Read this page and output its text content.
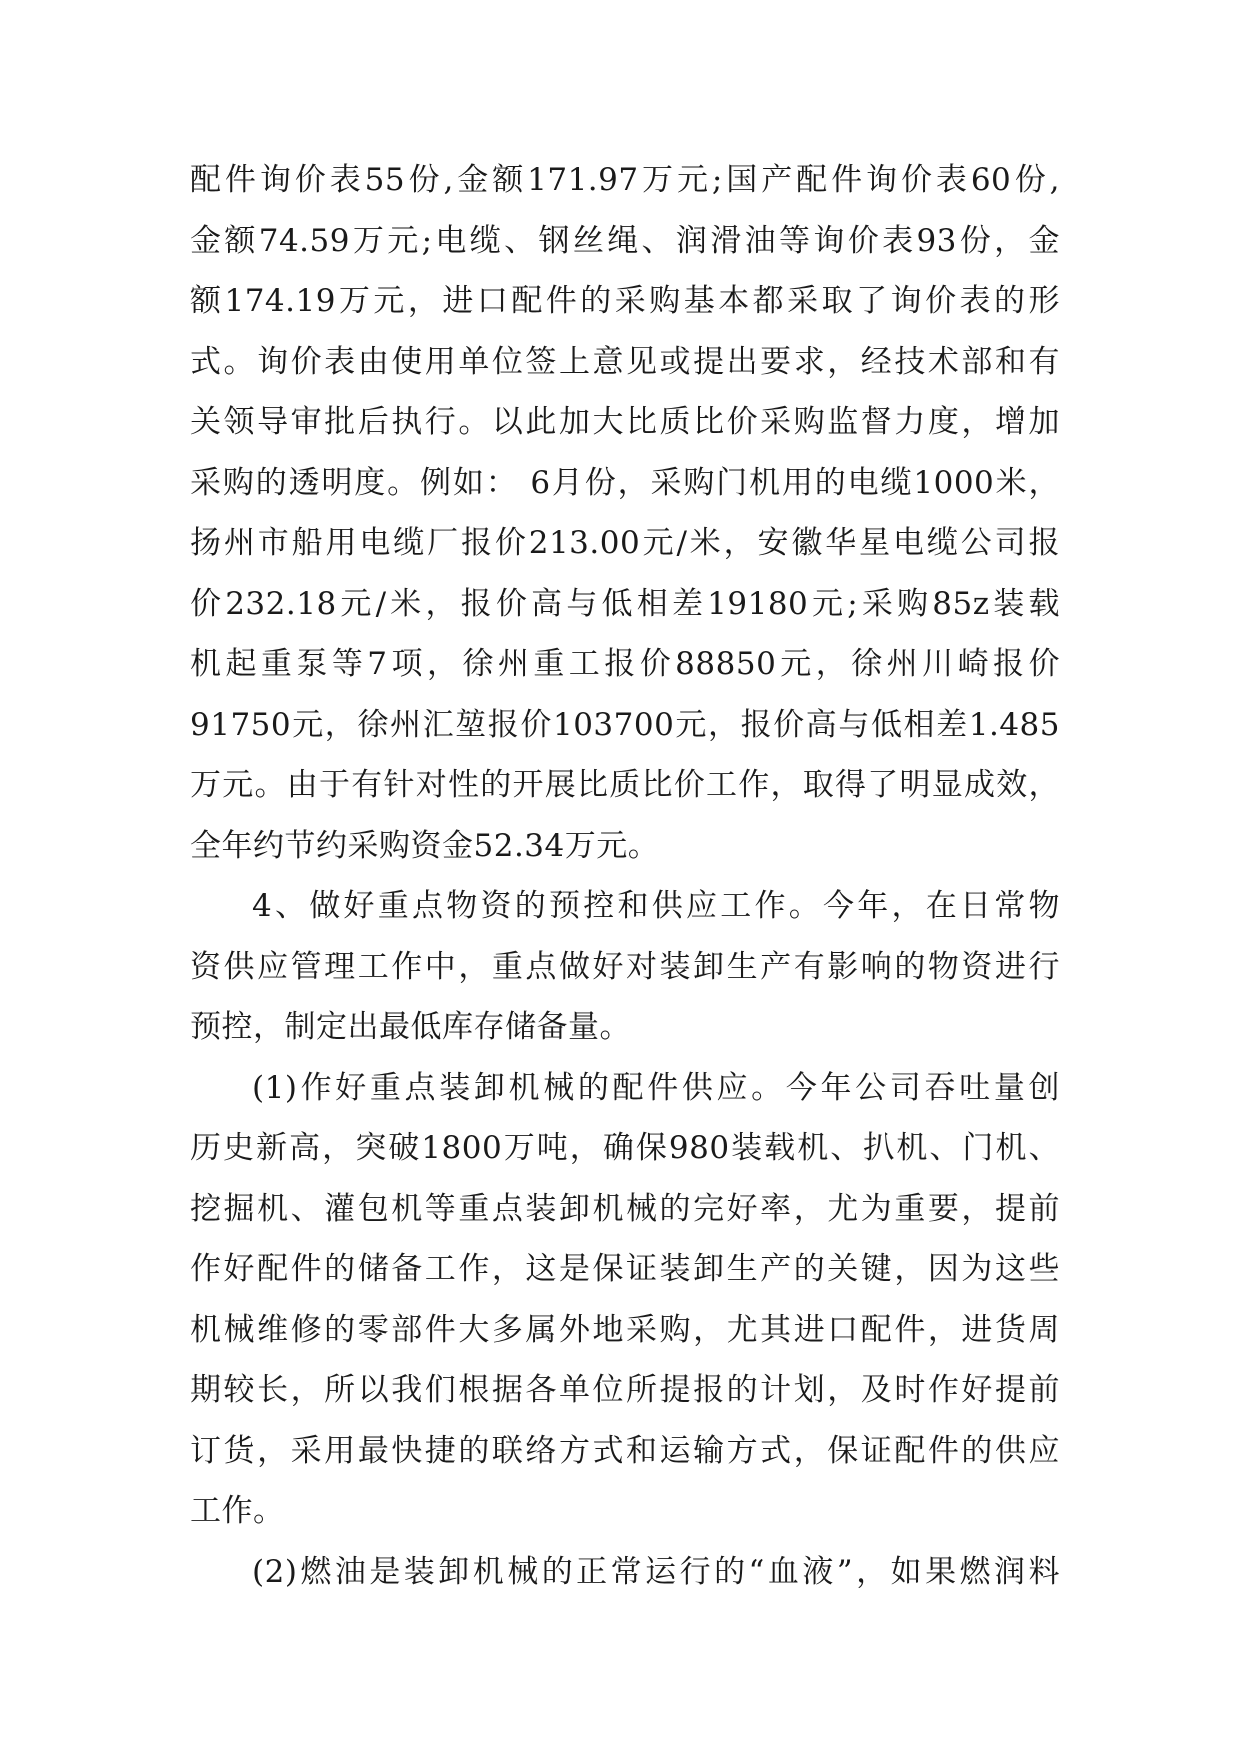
配件询价表55份,金额171.97万元;国产配件询价表60份,
金额74.59万元;电缆、钢丝绳、润滑油等询价表93份，金
额174.19万元，进口配件的采购基本都采取了询价表的形
式。询价表由使用单位签上意见或提出要求，经技术部和有
关领导审批后执行。以此加大比质比价采购监督力度，增加
采购的透明度。例如： 6月份，采购门机用的电缆1000米，
扬州市船用电缆厂报价213.00元/米，安徽华星电缆公司报
价232.18元/米，报价高与低相差19180元;采购85z装载
机起重泵等7项，徐州重工报价88850元，徐州川崎报价
91750元，徐州汇堃报价103700元，报价高与低相差1.485
万元。由于有针对性的开展比质比价工作，取得了明显成效，
全年约节约采购资金52.34万元。
4、做好重点物资的预控和供应工作。今年，在日常物
资供应管理工作中，重点做好对装卸生产有影响的物资进行
预控，制定出最低库存储备量。
(1)作好重点装卸机械的配件供应。今年公司吞吐量创
历史新高，突破1800万吨，确保980装载机、扒机、门机、
挖掘机、灌包机等重点装卸机械的完好率，尤为重要，提前
作好配件的储备工作，这是保证装卸生产的关键，因为这些
机械维修的零部件大多属外地采购，尤其进口配件，进货周
期较长，所以我们根据各单位所提报的计划，及时作好提前
订货，采用最快捷的联络方式和运输方式，保证配件的供应
工作。
(2)燃油是装卸机械的正常运行的“血液”，如果燃润料
